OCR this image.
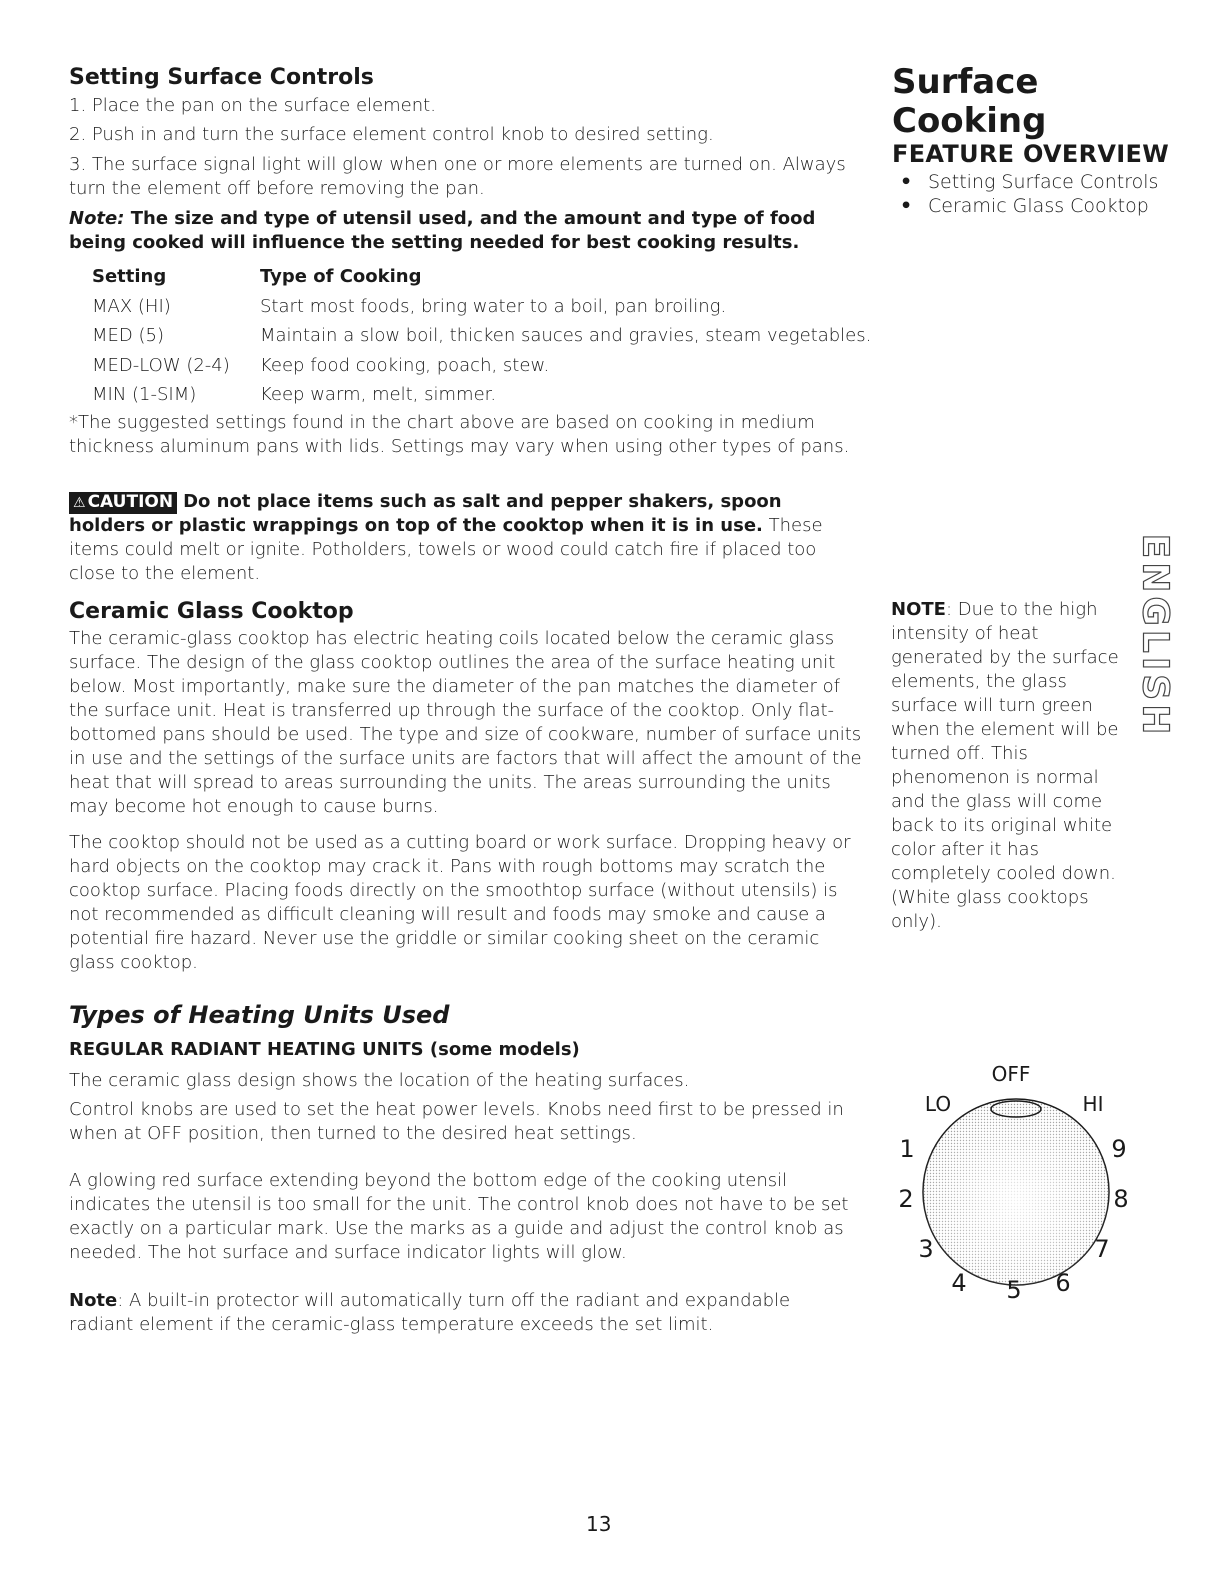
Setting Surface Controls

1. Place the pan on the surface element.

2. Push in and turn the surface element control knob to desired setting.

3. The surface signal light will glow when one or more elements are turned on. Always turn the element off before removing the pan.

Note: The size and type of utensil used, and the amount and type of food being cooked will influence the setting needed for best cooking results.
Setting	Type of Cooking
MAX (HI)	Start most foods, bring water to a boil, pan broiling.
MED (5)	Maintain a slow boil, thicken sauces and gravies, steam vegetables.
MED-LOW (2-4)	Keep food cooking, poach, stew.
MIN (1-SIM)	Keep warm, melt, simmer.
*The suggested settings found in the chart above are based on cooking in medium thickness aluminum pans with lids. Settings may vary when using other types of pans.
⚠ CAUTION Do not place items such as salt and pepper shakers, spoon holders or plastic wrappings on top of the cooktop when it is in use. These items could melt or ignite. Potholders, towels or wood could catch fire if placed too close to the element.
Ceramic Glass Cooktop
The ceramic-glass cooktop has electric heating coils located below the ceramic glass surface. The design of the glass cooktop outlines the area of the surface heating unit below. Most importantly, make sure the diameter of the pan matches the diameter of the surface unit. Heat is transferred up through the surface of the cooktop. Only flat-bottomed pans should be used. The type and size of cookware, number of surface units in use and the settings of the surface units are factors that will affect the amount of the heat that will spread to areas surrounding the units. The areas surrounding the units may become hot enough to cause burns.
The cooktop should not be used as a cutting board or work surface. Dropping heavy or hard objects on the cooktop may crack it. Pans with rough bottoms may scratch the cooktop surface. Placing foods directly on the smoothtop surface (without utensils) is not recommended as difficult cleaning will result and foods may smoke and cause a potential fire hazard. Never use the griddle or similar cooking sheet on the ceramic glass cooktop.
Types of Heating Units Used
REGULAR RADIANT HEATING UNITS (some models)
The ceramic glass design shows the location of the heating surfaces.
Control knobs are used to set the heat power levels. Knobs need first to be pressed in when at OFF position, then turned to the desired heat settings.
A glowing red surface extending beyond the bottom edge of the cooking utensil indicates the utensil is too small for the unit. The control knob does not have to be set exactly on a particular mark. Use the marks as a guide and adjust the control knob as needed. The hot surface and surface indicator lights will glow.
Note: A built-in protector will automatically turn off the radiant and expandable radiant element if the ceramic-glass temperature exceeds the set limit.
Surface
Cooking
FEATURE OVERVIEW
• Setting Surface Controls
• Ceramic Glass Cooktop
NOTE: Due to the high intensity of heat generated by the surface elements, the glass surface will turn green when the element will be turned off. This phenomenon is normal and the glass will come back to its original white color after it has completely cooled down. (White glass cooktops only).
ENGLISH
OFF
LO	HI
1
2
3
4 5 6
7
8
9
13
